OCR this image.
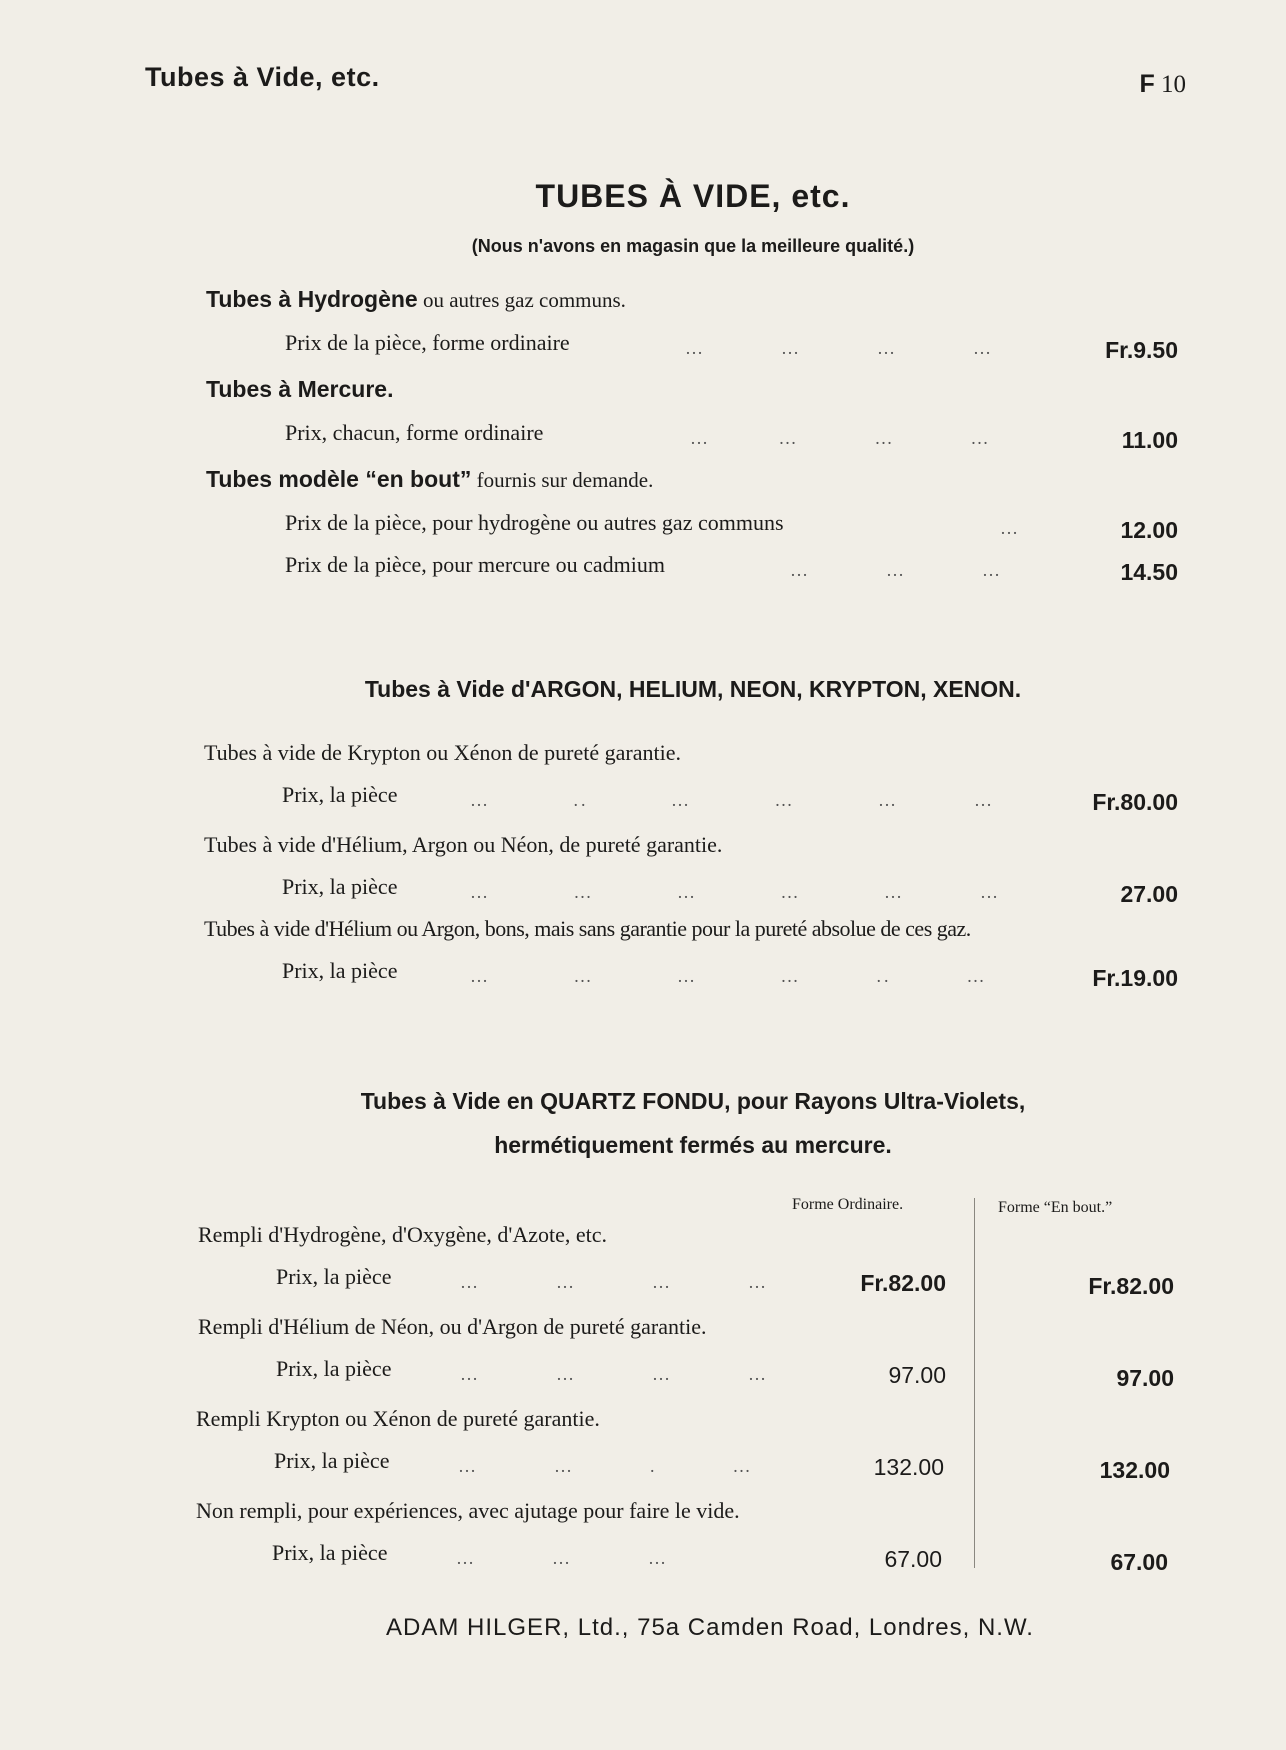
Tubes à Vide, etc.	F 10
TUBES À VIDE, etc.
(Nous n'avons en magasin que la meilleure qualité.)
Tubes à Hydrogène ou autres gaz communs.
Prix de la pièce, forme ordinaire	…          …          …          …	Fr.9.50
Tubes à Mercure.
Prix, chacun, forme ordinaire	…         …          …          …	11.00
Tubes modèle “en bout” fournis sur demande.
Prix de la pièce, pour hydrogène ou autres gaz communs	…	12.00
Prix de la pièce, pour mercure ou cadmium	…          …          …	14.50
Tubes à Vide d'ARGON, HELIUM, NEON, KRYPTON, XENON.
Tubes à vide de Krypton ou Xénon de pureté garantie.
Prix, la pièce	…           ..           …           …           …          …	Fr.80.00
Tubes à vide d'Hélium, Argon ou Néon, de pureté garantie.
Prix, la pièce	…           …           …           …           …          …	27.00
Tubes à vide d'Hélium ou Argon, bons, mais sans garantie pour la pureté absolue de ces gaz.
Prix, la pièce	…           …           …           …          ..          …	Fr.19.00
Tubes à Vide en QUARTZ FONDU, pour Rayons Ultra-Violets,
hermétiquement fermés au mercure.
Forme Ordinaire.	Forme “En bout.”
Rempli d'Hydrogène, d'Oxygène, d'Azote, etc.
Prix, la pièce	…          …          …          …	Fr.82.00	Fr.82.00
Rempli d'Hélium de Néon, ou d'Argon de pureté garantie.
Prix, la pièce	…          …          …          …	97.00	97.00
Rempli Krypton ou Xénon de pureté garantie.
Prix, la pièce	…          …          .          …	132.00	132.00
Non rempli, pour expériences, avec ajutage pour faire le vide.
Prix, la pièce	…          …          …	67.00	67.00
ADAM HILGER, Ltd., 75a Camden Road, Londres, N.W.
